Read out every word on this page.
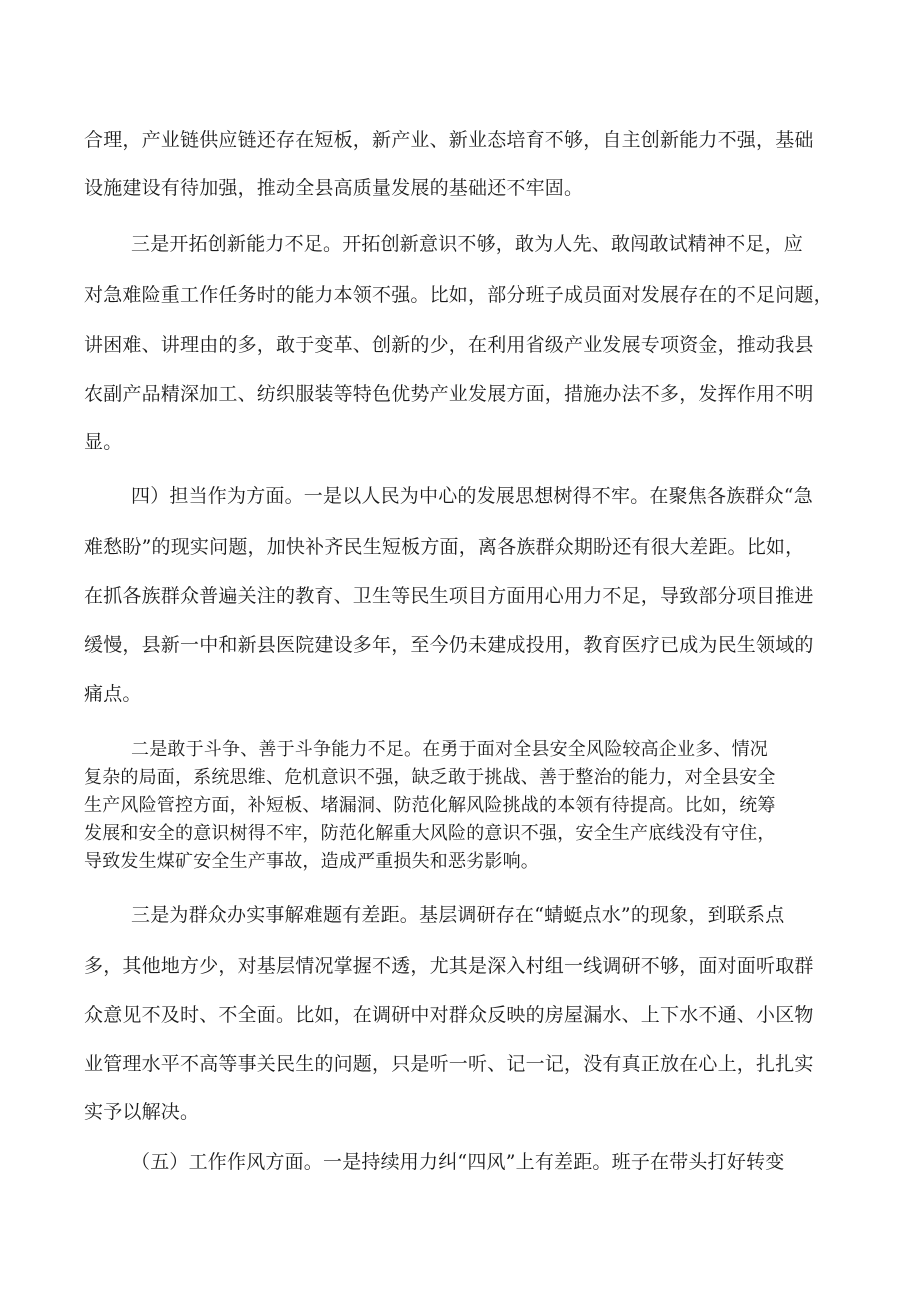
合理，产业链供应链还存在短板，新产业、新业态培育不够，自主创新能力不强，基础
设施建设有待加强，推动全县高质量发展的基础还不牢固。
三是开拓创新能力不足。开拓创新意识不够，敢为人先、敢闯敢试精神不足，应
对急难险重工作任务时的能力本领不强。比如，部分班子成员面对发展存在的不足问题，
讲困难、讲理由的多，敢于变革、创新的少，在利用省级产业发展专项资金，推动我县
农副产品精深加工、纺织服装等特色优势产业发展方面，措施办法不多，发挥作用不明
显。
四）担当作为方面。一是以人民为中心的发展思想树得不牢。在聚焦各族群众“急
难愁盼”的现实问题，加快补齐民生短板方面，离各族群众期盼还有很大差距。比如，
在抓各族群众普遍关注的教育、卫生等民生项目方面用心用力不足，导致部分项目推进
缓慢，县新一中和新县医院建设多年，至今仍未建成投用，教育医疗已成为民生领域的
痛点。
二是敢于斗争、善于斗争能力不足。在勇于面对全县安全风险较高企业多、情况
复杂的局面，系统思维、危机意识不强，缺乏敢于挑战、善于整治的能力，对全县安全
生产风险管控方面，补短板、堵漏洞、防范化解风险挑战的本领有待提高。比如，统筹
发展和安全的意识树得不牢，防范化解重大风险的意识不强，安全生产底线没有守住，
导致发生煤矿安全生产事故，造成严重损失和恶劣影响。
三是为群众办实事解难题有差距。基层调研存在“蜻蜓点水”的现象，到联系点
多，其他地方少，对基层情况掌握不透，尤其是深入村组一线调研不够，面对面听取群
众意见不及时、不全面。比如，在调研中对群众反映的房屋漏水、上下水不通、小区物
业管理水平不高等事关民生的问题，只是听一听、记一记，没有真正放在心上，扎扎实
实予以解决。
（五）工作作风方面。一是持续用力纠“四风”上有差距。班子在带头打好转变
